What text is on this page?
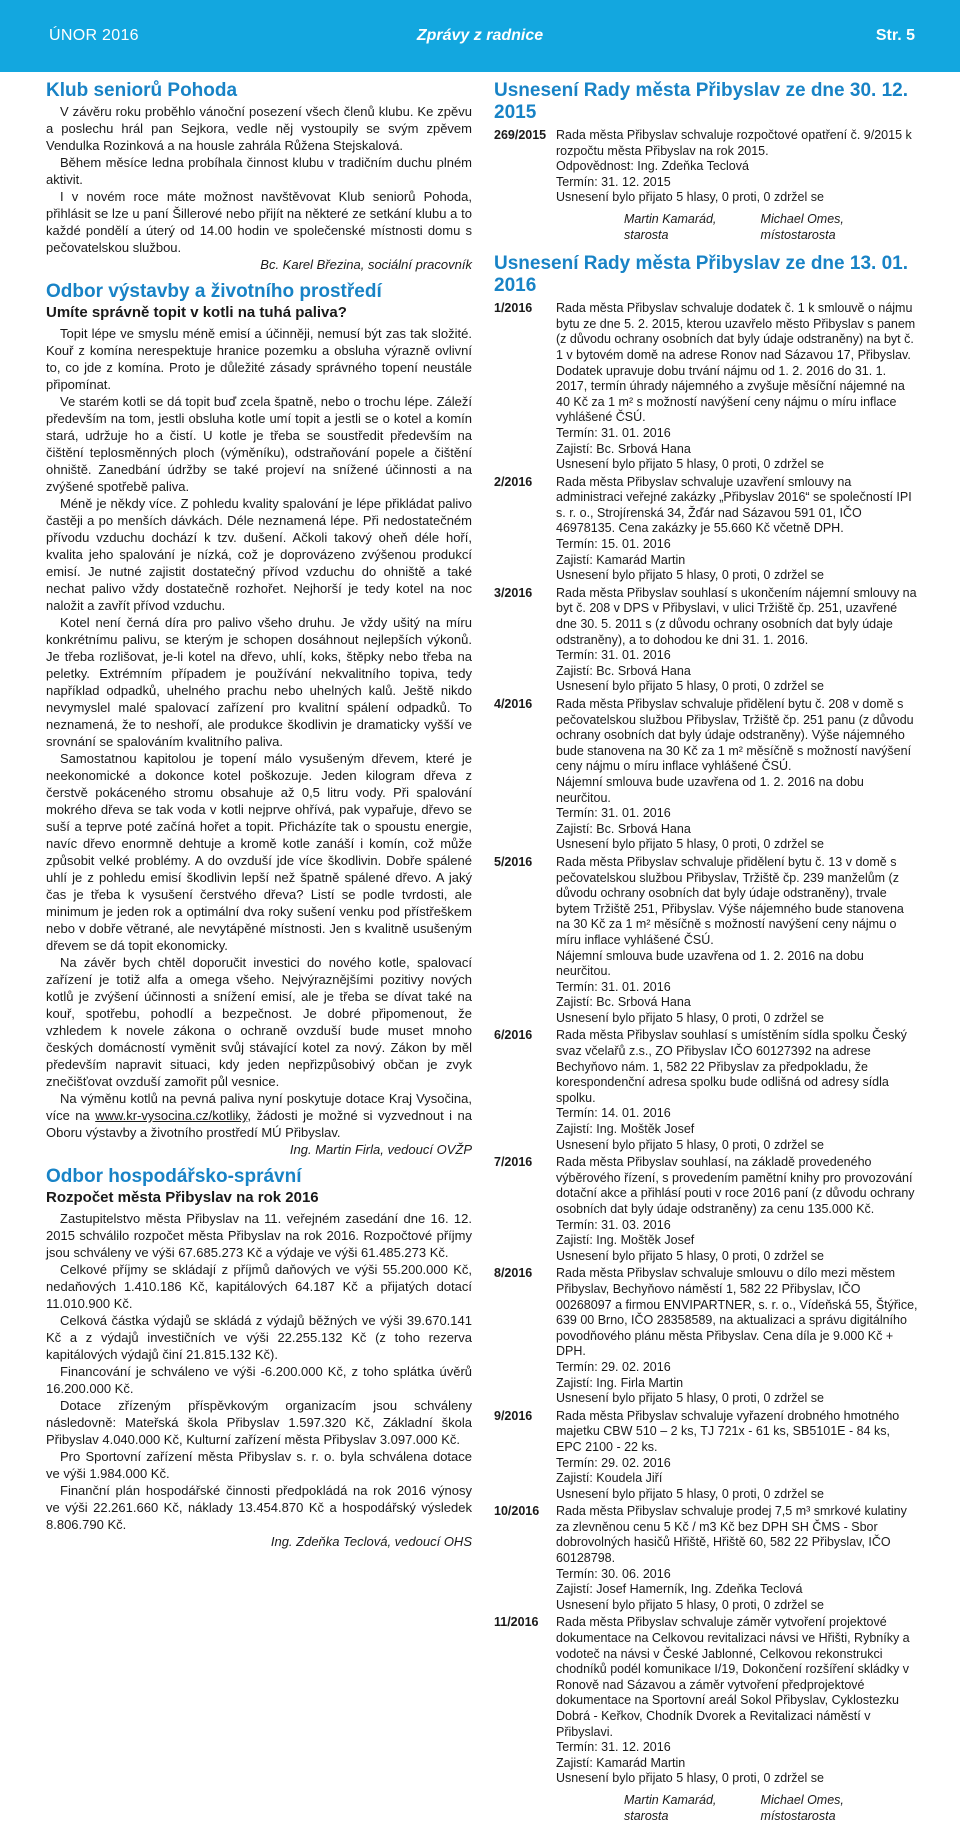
ÚNOR 2016	Zprávy z radnice	Str. 5
Klub seniorů Pohoda

V závěru roku proběhlo vánoční posezení všech členů klubu. Ke zpěvu a poslechu hrál pan Sejkora, vedle něj vystoupily se svým zpěvem Vendulka Rozinková a na housle zahrála Růžena Stejskalová.

Během měsíce ledna probíhala činnost klubu v tradičním duchu plném aktivit.

I v novém roce máte možnost navštěvovat Klub seniorů Pohoda, přihlásit se lze u paní Šillerové nebo přijít na některé ze setkání klubu a to každé pondělí a úterý od 14.00 hodin ve společenské místnosti domu s pečovatelskou službou.

Bc. Karel Březina, sociální pracovník
Odbor výstavby a životního prostředí
Umíte správně topit v kotli na tuhá paliva?

Topit lépe ve smyslu méně emisí a účinněji, nemusí být zas tak složité. Kouř z komína nerespektuje hranice pozemku a obsluha výrazně ovlivní to, co jde z komína. Proto je důležité zásady správného topení neustále připomínat.

Ve starém kotli se dá topit buď zcela špatně, nebo o trochu lépe. Záleží především na tom, jestli obsluha kotle umí topit a jestli se o kotel a komín stará, udržuje ho a čistí. U kotle je třeba se soustředit především na čištění teplosměnných ploch (výměníku), odstraňování popele a čištění ohniště. Zanedbání údržby se také projeví na snížené účinnosti a na zvýšené spotřebě paliva.

Méně je někdy více. Z pohledu kvality spalování je lépe přikládat palivo častěji a po menších dávkách. Déle neznamená lépe. Při nedostatečném přívodu vzduchu dochází k tzv. dušení. Ačkoli takový oheň déle hoří, kvalita jeho spalování je nízká, což je doprovázeno zvýšenou produkcí emisí. Je nutné zajistit dostatečný přívod vzduchu do ohniště a také nechat palivo vždy dostatečně rozhořet. Nejhorší je tedy kotel na noc naložit a zavřít přívod vzduchu.

Kotel není černá díra pro palivo všeho druhu. Je vždy ušitý na míru konkrétnímu palivu, se kterým je schopen dosáhnout nejlepších výkonů. Je třeba rozlišovat, je-li kotel na dřevo, uhlí, koks, štěpky nebo třeba na peletky. Extrémním případem je používání nekvalitního topiva, tedy například odpadků, uhelného prachu nebo uhelných kalů. Ještě nikdo nevymyslel malé spalovací zařízení pro kvalitní spálení odpadků. To neznamená, že to neshoří, ale produkce škodlivin je dramaticky vyšší ve srovnání se spalováním kvalitního paliva.

Samostatnou kapitolou je topení málo vysušeným dřevem, které je neekonomické a dokonce kotel poškozuje. Jeden kilogram dřeva z čerstvě pokáceného stromu obsahuje až 0,5 litru vody. Při spalování mokrého dřeva se tak voda v kotli nejprve ohřívá, pak vypařuje, dřevo se suší a teprve poté začíná hořet a topit. Přicházíte tak o spoustu energie, navíc dřevo enormně dehtuje a kromě kotle zanáší i komín, což může způsobit velké problémy. A do ovzduší jde více škodlivin. Dobře spálené uhlí je z pohledu emisí škodlivin lepší než špatně spálené dřevo. A jaký čas je třeba k vysušení čerstvého dřeva? Listí se podle tvrdosti, ale minimum je jeden rok a optimální dva roky sušení venku pod přístřeškem nebo v dobře větrané, ale nevytápěné místnosti. Jen s kvalitně usušeným dřevem se dá topit ekonomicky.

Na závěr bych chtěl doporučit investici do nového kotle, spalovací zařízení je totiž alfa a omega všeho. Nejvýraznějšími pozitivy nových kotlů je zvýšení účinnosti a snížení emisí, ale je třeba se dívat také na kouř, spotřebu, pohodlí a bezpečnost. Je dobré připomenout, že vzhledem k novele zákona o ochraně ovzduší bude muset mnoho českých domácností vyměnit svůj stávající kotel za nový. Zákon by měl především napravit situaci, kdy jeden nepřizpůsobivý občan je zvyk znečišťovat ovzduší zamořit půl vesnice.

Na výměnu kotlů na pevná paliva nyní poskytuje dotace Kraj Vysočina, více na www.kr-vysocina.cz/kotliky, žádosti je možné si vyzvednout i na Oboru výstavby a životního prostředí MÚ Přibyslav.

Ing. Martin Firla, vedoucí OVŽP
Odbor hospodářsko-správní
Rozpočet města Přibyslav na rok 2016

Zastupitelstvo města Přibyslav na 11. veřejném zasedání dne 16. 12. 2015 schválilo rozpočet města Přibyslav na rok 2016. Rozpočtové příjmy jsou schváleny ve výši 67.685.273 Kč a výdaje ve výši 61.485.273 Kč.

Celkové příjmy se skládají z příjmů daňových ve výši 55.200.000 Kč, nedaňových 1.410.186 Kč, kapitálových 64.187 Kč a přijatých dotací 11.010.900 Kč.

Celková částka výdajů se skládá z výdajů běžných ve výši 39.670.141 Kč a z výdajů investičních ve výši 22.255.132 Kč (z toho rezerva kapitálových výdajů činí 21.815.132 Kč).

Financování je schváleno ve výši -6.200.000 Kč, z toho splátka úvěrů 16.200.000 Kč.

Dotace zřízeným příspěvkovým organizacím jsou schváleny následovně: Mateřská škola Přibyslav 1.597.320 Kč, Základní škola Přibyslav 4.040.000 Kč, Kulturní zařízení města Přibyslav 3.097.000 Kč.

Pro Sportovní zařízení města Přibyslav s. r. o. byla schválena dotace ve výši 1.984.000 Kč.

Finanční plán hospodářské činnosti předpokládá na rok 2016 výnosy ve výši 22.261.660 Kč, náklady 13.454.870 Kč a hospodářský výsledek 8.806.790 Kč.

Ing. Zdeňka Teclová, vedoucí OHS
Usnesení Rady města Přibyslav ze dne 30. 12. 2015
269/2015 Rada města Přibyslav schvaluje rozpočtové opatření č. 9/2015 k rozpočtu města Přibyslav na rok 2015.
Odpovědnost: Ing. Zdeňka Teclová
Termín: 31. 12. 2015
Usnesení bylo přijato 5 hlasy, 0 proti, 0 zdržel se
Martin Kamarád, starosta
Michael Omes, místostarosta
Usnesení Rady města Přibyslav ze dne 13. 01. 2016
1/2016	Rada města Přibyslav schvaluje dodatek č. 1 k smlouvě o nájmu bytu ze dne 5. 2. 2015, kterou uzavřelo město Přibyslav s panem (z důvodu ochrany osobních dat byly údaje odstraněny) na byt č. 1 v bytovém domě na adrese Ronov nad Sázavou 17, Přibyslav. Dodatek upravuje dobu trvání nájmu od 1. 2. 2016 do 31. 1. 2017, termín úhrady nájemného a zvyšuje měsíční nájemné na 40 Kč za 1 m² s možností navýšení ceny nájmu o míru inflace vyhlášené ČSÚ.
Termín: 31. 01. 2016
Zajistí: Bc. Srbová Hana
Usnesení bylo přijato 5 hlasy, 0 proti, 0 zdržel se
2/2016	Rada města Přibyslav schvaluje uzavření smlouvy na administraci veřejné zakázky „Přibyslav 2016“ se společností IPI s. r. o., Strojírenská 34, Žďár nad Sázavou 591 01, IČO 46978135. Cena zakázky je 55.660 Kč včetně DPH.
Termín: 15. 01. 2016
Zajistí: Kamarád Martin
Usnesení bylo přijato 5 hlasy, 0 proti, 0 zdržel se
3/2016	Rada města Přibyslav souhlasí s ukončením nájemní smlouvy na byt č. 208 v DPS v Přibyslavi, v ulici Tržiště čp. 251, uzavřené dne 30. 5. 2011 s (z důvodu ochrany osobních dat byly údaje odstraněny), a to dohodou ke dni 31. 1. 2016.
Termín: 31. 01. 2016
Zajistí: Bc. Srbová Hana
Usnesení bylo přijato 5 hlasy, 0 proti, 0 zdržel se
4/2016	Rada města Přibyslav schvaluje přidělení bytu č. 208 v domě s pečovatelskou službou Přibyslav, Tržiště čp. 251 panu (z důvodu ochrany osobních dat byly údaje odstraněny). Výše nájemného bude stanovena na 30 Kč za 1 m² měsíčně s možností navýšení ceny nájmu o míru inflace vyhlášené ČSÚ.
Nájemní smlouva bude uzavřena od 1. 2. 2016 na dobu neurčitou.
Termín: 31. 01. 2016
Zajistí: Bc. Srbová Hana
Usnesení bylo přijato 5 hlasy, 0 proti, 0 zdržel se
5/2016	Rada města Přibyslav schvaluje přidělení bytu č. 13 v domě s pečovatelskou službou Přibyslav, Tržiště čp. 239 manželům (z důvodu ochrany osobních dat byly údaje odstraněny), trvale bytem Tržiště 251, Přibyslav. Výše nájemného bude stanovena na 30 Kč za 1 m² měsíčně s možností navýšení ceny nájmu o míru inflace vyhlášené ČSÚ.
Nájemní smlouva bude uzavřena od 1. 2. 2016 na dobu neurčitou.
Termín: 31. 01. 2016
Zajistí: Bc. Srbová Hana
Usnesení bylo přijato 5 hlasy, 0 proti, 0 zdržel se
6/2016	Rada města Přibyslav souhlasí s umístěním sídla spolku Český svaz včelařů z.s., ZO Přibyslav IČO 60127392 na adrese Bechyňovo nám. 1, 582 22 Přibyslav za předpokladu, že korespondenční adresa spolku bude odlišná od adresy sídla spolku.
Termín: 14. 01. 2016
Zajistí: Ing. Moštěk Josef
Usnesení bylo přijato 5 hlasy, 0 proti, 0 zdržel se
7/2016	Rada města Přibyslav souhlasí, na základě provedeného výběrového řízení, s provedením pamětní knihy pro provozování dotační akce a přihlásí pouti v roce 2016 paní (z důvodu ochrany osobních dat byly údaje odstraněny) za cenu 135.000 Kč.
Termín: 31. 03. 2016
Zajistí: Ing. Moštěk Josef
Usnesení bylo přijato 5 hlasy, 0 proti, 0 zdržel se
8/2016	Rada města Přibyslav schvaluje smlouvu o dílo mezi městem Přibyslav, Bechyňovo náměstí 1, 582 22 Přibyslav, IČO 00268097 a firmou ENVIPARTNER, s. r. o., Vídeňská 55, Štýřice, 639 00 Brno, IČO 28358589, na aktualizaci a správu digitálního povodňového plánu města Přibyslav. Cena díla je 9.000 Kč + DPH.
Termín: 29. 02. 2016
Zajistí: Ing. Firla Martin
Usnesení bylo přijato 5 hlasy, 0 proti, 0 zdržel se
9/2016	Rada města Přibyslav schvaluje vyřazení drobného hmotného majetku CBW 510 – 2 ks, TJ 721x - 61 ks, SB5101E - 84 ks, EPC 2100 - 22 ks.
Termín: 29. 02. 2016
Zajistí: Koudela Jiří
Usnesení bylo přijato 5 hlasy, 0 proti, 0 zdržel se
10/2016	Rada města Přibyslav schvaluje prodej 7,5 m³ smrkové kulatiny za zlevněnou cenu 5 Kč / m3 Kč bez DPH SH ČMS - Sbor dobrovolných hasičů Hřiště, Hřiště 60, 582 22 Přibyslav, IČO 60128798.
Termín: 30. 06. 2016
Zajistí: Josef Hamerník, Ing. Zdeňka Teclová
Usnesení bylo přijato 5 hlasy, 0 proti, 0 zdržel se
11/2016	Rada města Přibyslav schvaluje záměr vytvoření projektové dokumentace na Celkovou revitalizaci návsi ve Hřišti, Rybníky a vodoteč na návsi v České Jablonné, Celkovou rekonstrukci chodníků podél komunikace I/19, Dokončení rozšíření skládky v Ronově nad Sázavou a záměr vytvoření předprojektové dokumentace na Sportovní areál Sokol Přibyslav, Cyklostezku Dobrá - Keřkov, Chodník Dvorek a Revitalizaci náměstí v Přibyslavi.
Termín: 31. 12. 2016
Zajistí: Kamarád Martin
Usnesení bylo přijato 5 hlasy, 0 proti, 0 zdržel se
Martin Kamarád, starosta
Michael Omes, místostarosta
